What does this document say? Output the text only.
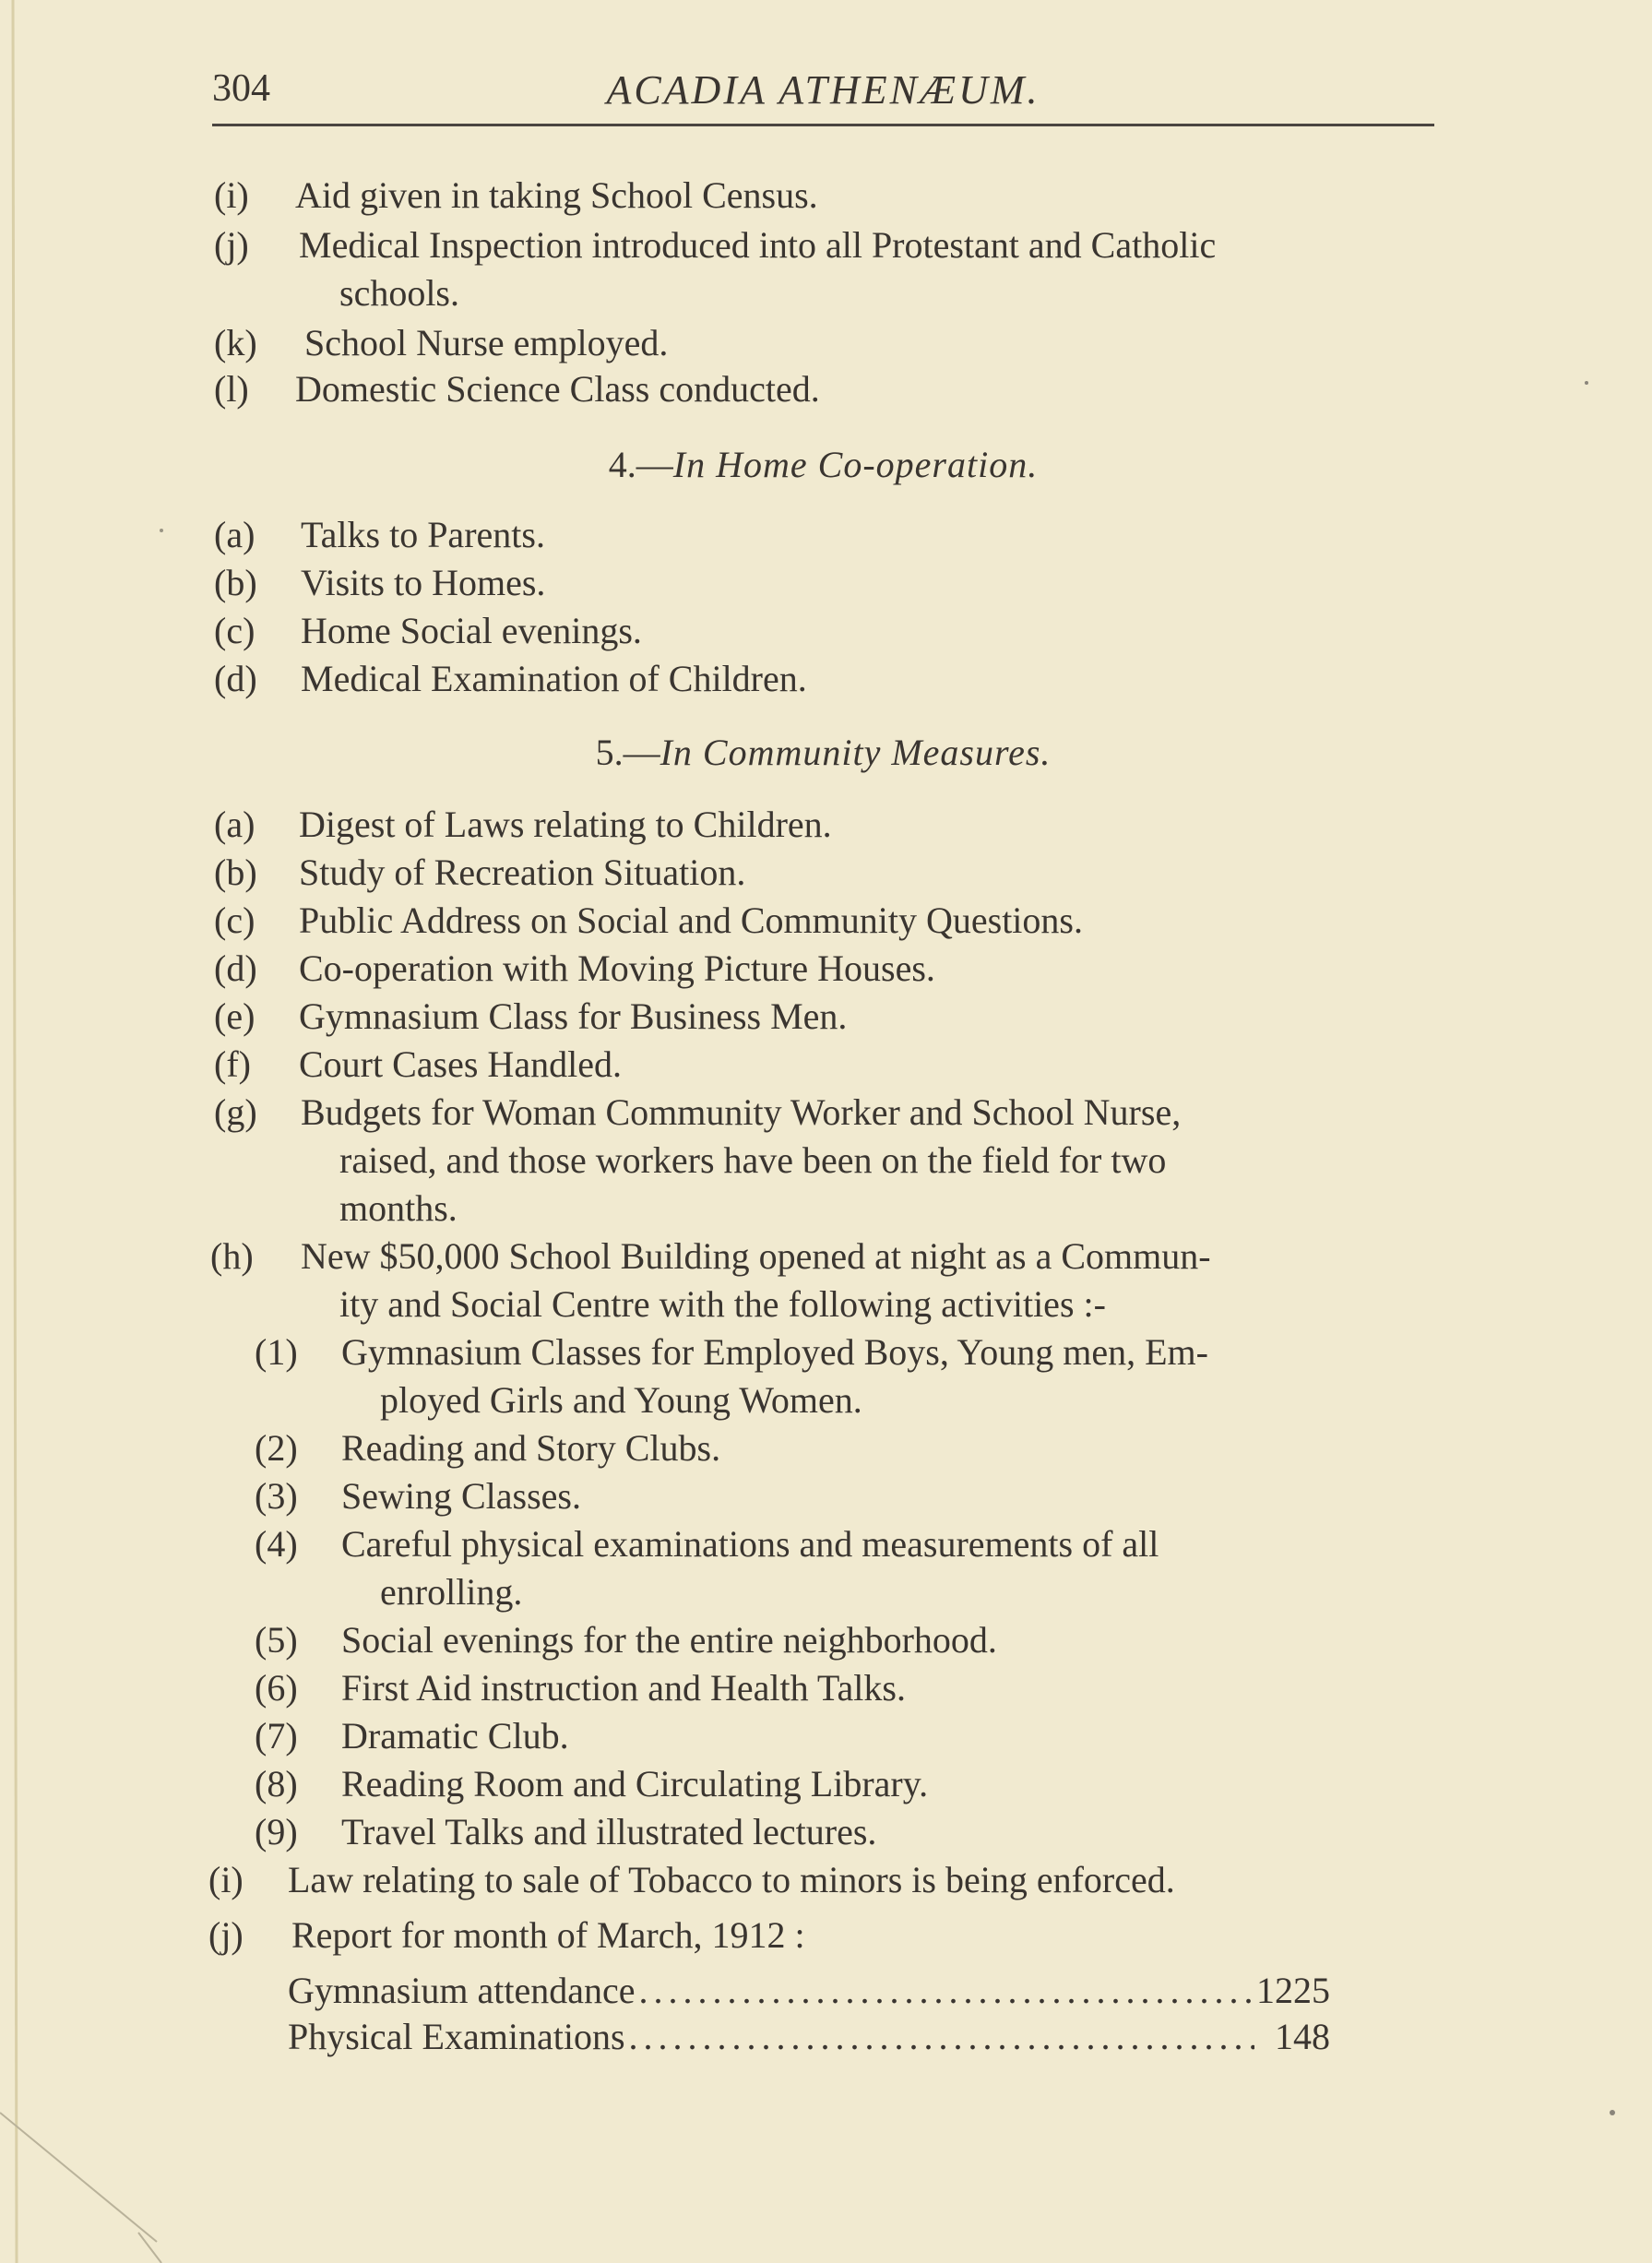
304	ACADIA ATHENÆUM.
(i) Aid given in taking School Census.
(j) Medical Inspection introduced into all Protestant and Catholic
schools.
(k) School Nurse employed.
(l) Domestic Science Class conducted.
4.—In Home Co-operation.
(a) Talks to Parents.
(b) Visits to Homes.
(c) Home Social evenings.
(d) Medical Examination of Children.
5.—In Community Measures.
(a) Digest of Laws relating to Children.
(b) Study of Recreation Situation.
(c) Public Address on Social and Community Questions.
(d) Co-operation with Moving Picture Houses.
(e) Gymnasium Class for Business Men.
(f) Court Cases Handled.
(g) Budgets for Woman Community Worker and School Nurse,
raised, and those workers have been on the field for two
months.
(h) New $50,000 School Building opened at night as a Commun-
ity and Social Centre with the following activities :-
(1) Gymnasium Classes for Employed Boys, Young men, Em-
ployed Girls and Young Women.
(2) Reading and Story Clubs.
(3) Sewing Classes.
(4) Careful physical examinations and measurements of all
enrolling.
(5) Social evenings for the entire neighborhood.
(6) First Aid instruction and Health Talks.
(7) Dramatic Club.
(8) Reading Room and Circulating Library.
(9) Travel Talks and illustrated lectures.
(i) Law relating to sale of Tobacco to minors is being enforced.
(j) Report for month of March, 1912 :
Gymnasium attendance . . .	1225
Physical Examinations . . .	148
